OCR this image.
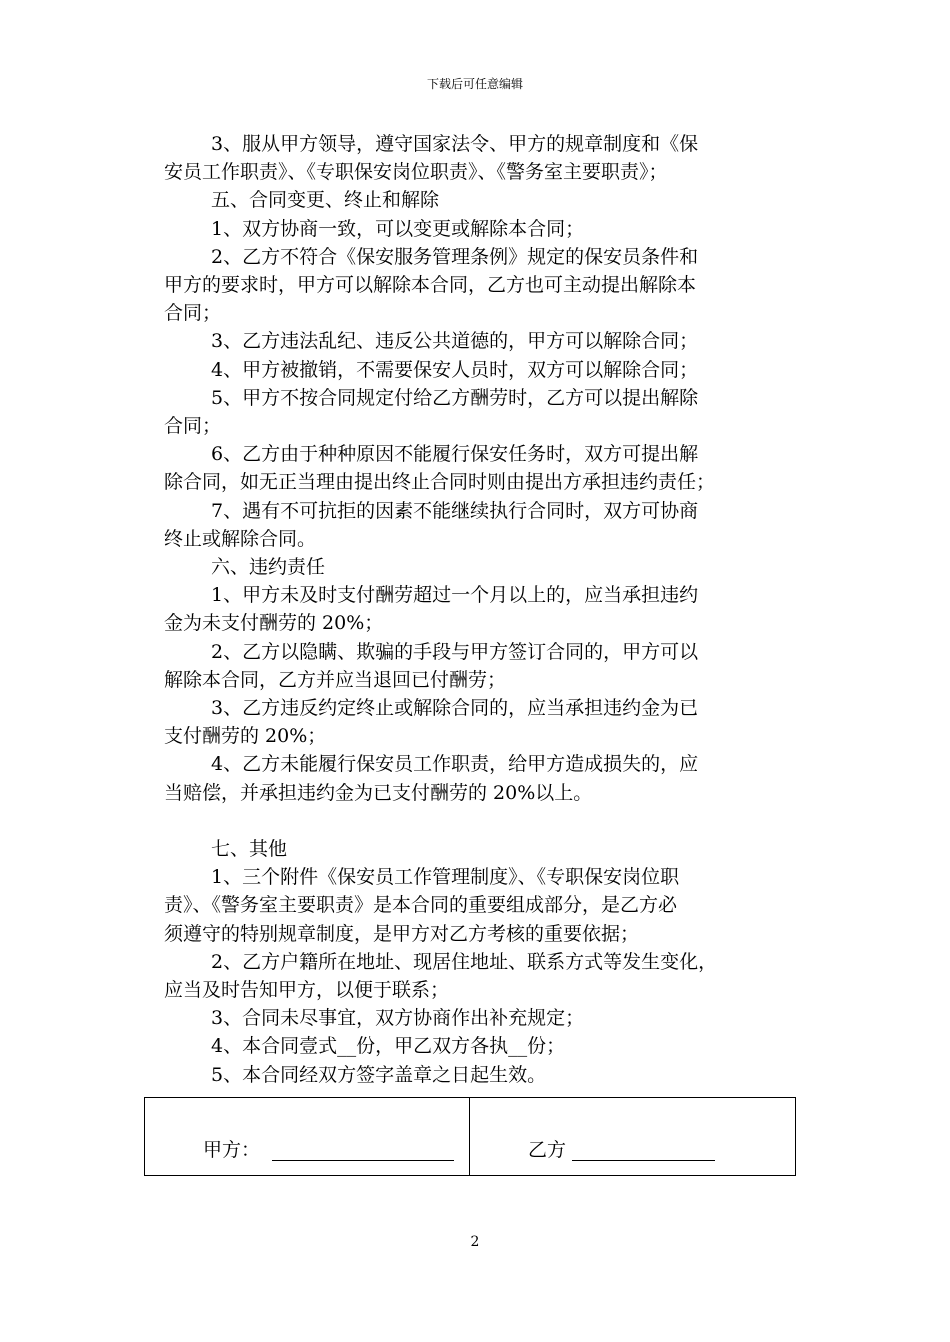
下载后可任意编辑

3、服从甲方领导，遵守国家法令、甲方的规章制度和《保

安员工作职责》、《专职保安岗位职责》、《警务室主要职责》；

五、合同变更、终止和解除

1、双方协商一致，可以变更或解除本合同；

2、乙方不符合《保安服务管理条例》规定的保安员条件和

甲方的要求时，甲方可以解除本合同，乙方也可主动提出解除本

合同；

3、乙方违法乱纪、违反公共道德的，甲方可以解除合同；

4、甲方被撤销，不需要保安人员时，双方可以解除合同；

5、甲方不按合同规定付给乙方酬劳时，乙方可以提出解除

合同；

6、乙方由于种种原因不能履行保安任务时，双方可提出解

除合同，如无正当理由提出终止合同时则由提出方承担违约责任；

7、遇有不可抗拒的因素不能继续执行合同时，双方可协商

终止或解除合同。

六、违约责任

1、甲方未及时支付酬劳超过一个月以上的，应当承担违约

金为未支付酬劳的 20%；

2、乙方以隐瞒、欺骗的手段与甲方签订合同的，甲方可以

解除本合同，乙方并应当退回已付酬劳；

3、乙方违反约定终止或解除合同的，应当承担违约金为已

支付酬劳的 20%；

4、乙方未能履行保安员工作职责，给甲方造成损失的，应

当赔偿，并承担违约金为已支付酬劳的 20%以上。

七、其他

1、三个附件《保安员工作管理制度》、《专职保安岗位职

责》、《警务室主要职责》是本合同的重要组成部分，是乙方必

须遵守的特别规章制度，是甲方对乙方考核的重要依据；

2、乙方户籍所在地址、现居住地址、联系方式等发生变化，

应当及时告知甲方，以便于联系；

3、合同未尽事宜，双方协商作出补充规定；

4、本合同壹式__份，甲乙双方各执__份；

5、本合同经双方签字盖章之日起生效。

甲方：	乙方
2
